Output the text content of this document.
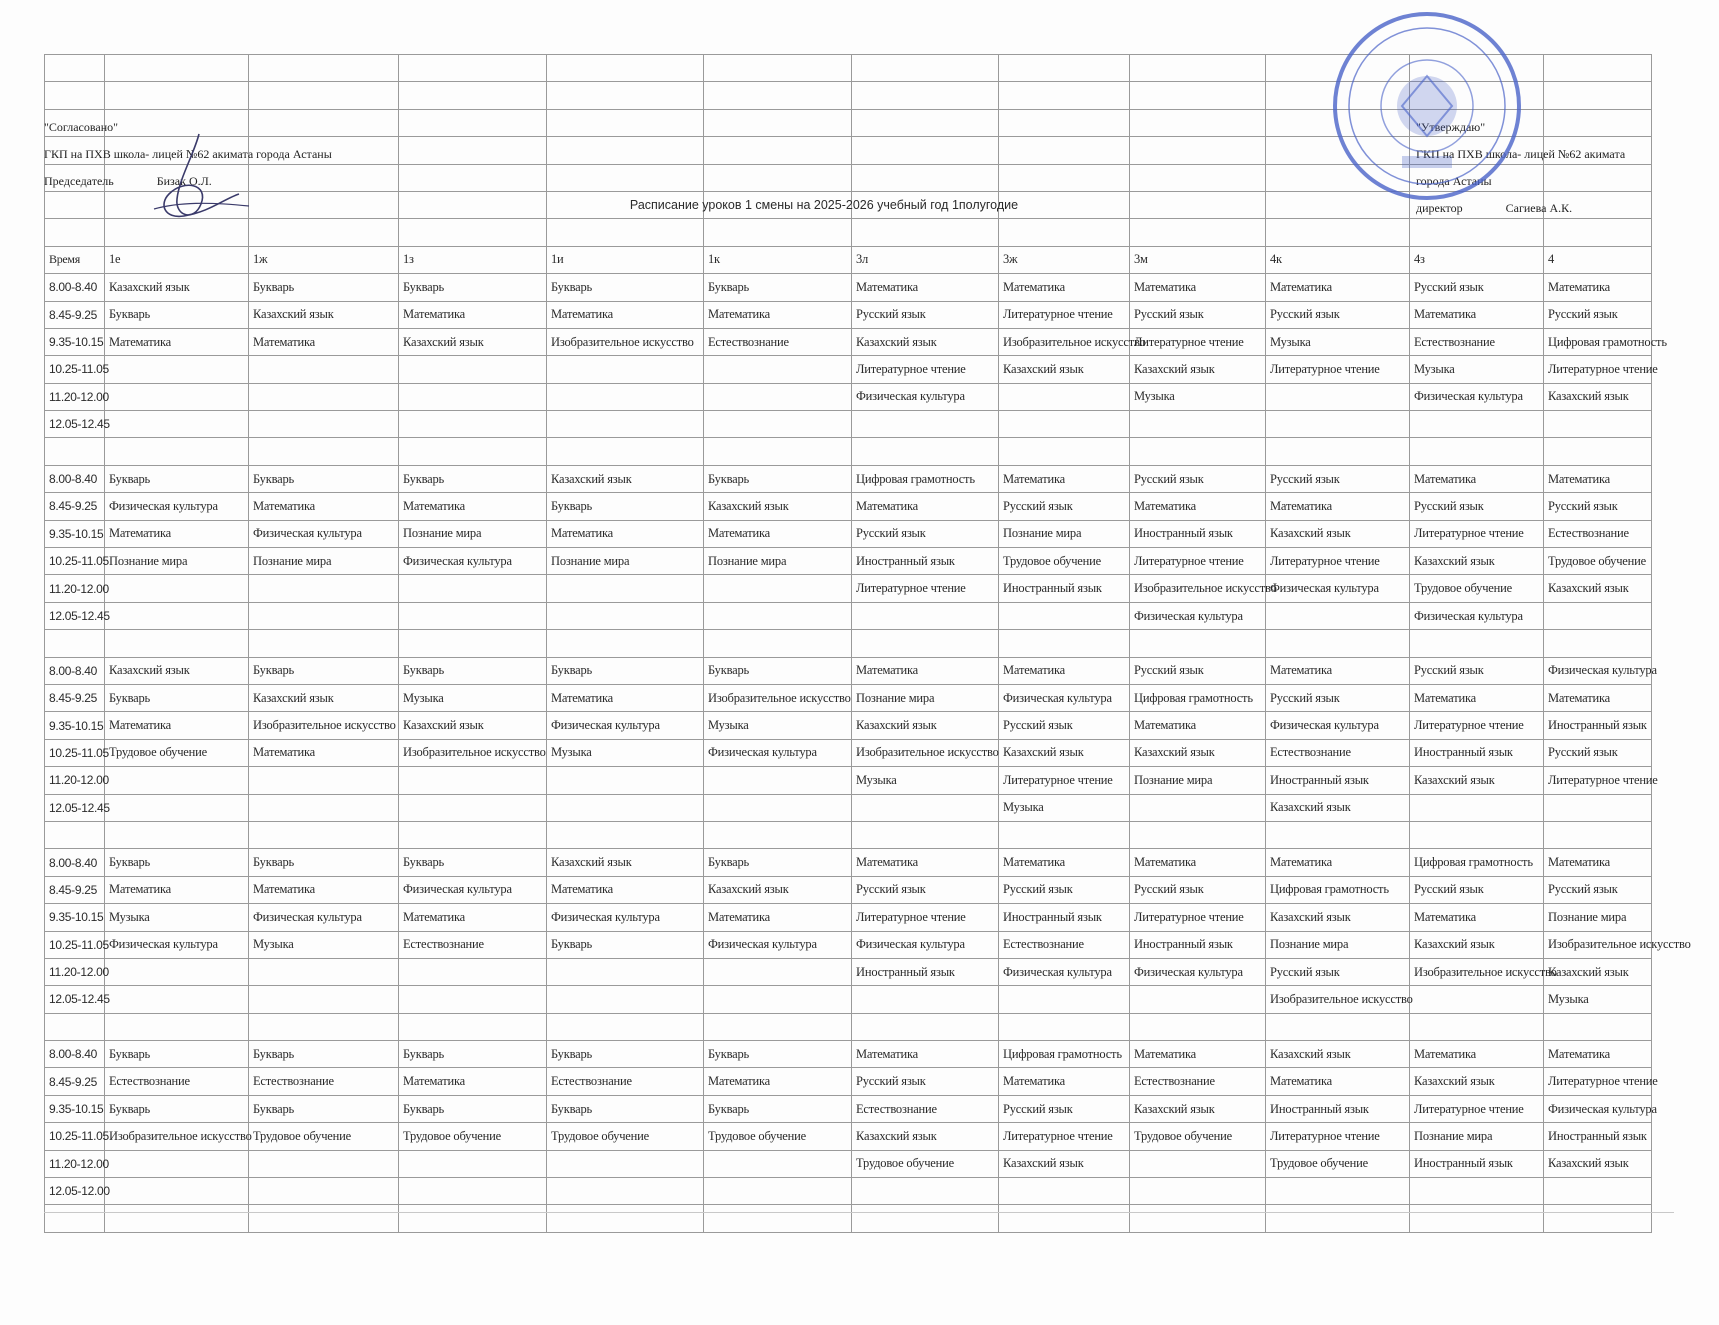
Время	1е	1ж	1з	1и	1к	3л	3ж	3м	4к	4з	4
8.00-8.40	Казахский язык	Букварь	Букварь	Букварь	Букварь	Математика	Математика	Математика	Математика	Русский язык	Математика
8.45-9.25	Букварь	Казахский язык	Математика	Математика	Математика	Русский язык	Литературное чтение	Русский язык	Русский язык	Математика	Русский язык
9.35-10.15	Математика	Математика	Казахский язык	Изобразительное искусство	Естествознание	Казахский язык	Изобразительное искусство	Литературное чтение	Музыка	Естествознание	Цифровая грамотность
10.25-11.05						Литературное чтение	Казахский язык	Казахский язык	Литературное чтение	Музыка	Литературное чтение
11.20-12.00						Физическая культура		Музыка		Физическая культура	Казахский язык
12.05-12.45											

8.00-8.40	Букварь	Букварь	Букварь	Казахский язык	Букварь	Цифровая грамотность	Математика	Русский язык	Русский язык	Математика	Математика
8.45-9.25	Физическая культура	Математика	Математика	Букварь	Казахский язык	Математика	Русский язык	Математика	Математика	Русский язык	Русский язык
9.35-10.15	Математика	Физическая культура	Познание мира	Математика	Математика	Русский язык	Познание мира	Иностранный язык	Казахский язык	Литературное чтение	Естествознание
10.25-11.05	Познание мира	Познание мира	Физическая культура	Познание мира	Познание мира	Иностранный язык	Трудовое обучение	Литературное чтение	Литературное чтение	Казахский язык	Трудовое обучение
11.20-12.00						Литературное чтение	Иностранный язык	Изобразительное искусство	Физическая культура	Трудовое обучение	Казахский язык
12.05-12.45								Физическая культура		Физическая культура	

8.00-8.40	Казахский язык	Букварь	Букварь	Букварь	Букварь	Математика	Математика	Русский язык	Математика	Русский язык	Физическая культура
8.45-9.25	Букварь	Казахский язык	Музыка	Математика	Изобразительное искусство	Познание мира	Физическая культура	Цифровая грамотность	Русский язык	Математика	Математика
9.35-10.15	Математика	Изобразительное искусство	Казахский язык	Физическая культура	Музыка	Казахский язык	Русский язык	Математика	Физическая культура	Литературное чтение	Иностранный язык
10.25-11.05	Трудовое обучение	Математика	Изобразительное искусство	Музыка	Физическая культура	Изобразительное искусство	Казахский язык	Казахский язык	Естествознание	Иностранный язык	Русский язык
11.20-12.00						Музыка	Литературное чтение	Познание мира	Иностранный язык	Казахский язык	Литературное чтение
12.05-12.45							Музыка		Казахский язык		

8.00-8.40	Букварь	Букварь	Букварь	Казахский язык	Букварь	Математика	Математика	Математика	Математика	Цифровая грамотность	Математика
8.45-9.25	Математика	Математика	Физическая культура	Математика	Казахский язык	Русский язык	Русский язык	Русский язык	Цифровая грамотность	Русский язык	Русский язык
9.35-10.15	Музыка	Физическая культура	Математика	Физическая культура	Математика	Литературное чтение	Иностранный язык	Литературное чтение	Казахский язык	Математика	Познание мира
10.25-11.05	Физическая культура	Музыка	Естествознание	Букварь	Физическая культура	Физическая культура	Естествознание	Иностранный язык	Познание мира	Казахский язык	Изобразительное искусство
11.20-12.00						Иностранный язык	Физическая культура	Физическая культура	Русский язык	Изобразительное искусство	Казахский язык
12.05-12.45									Изобразительное искусство		Музыка

8.00-8.40	Букварь	Букварь	Букварь	Букварь	Букварь	Математика	Цифровая грамотность	Математика	Казахский язык	Математика	Математика
8.45-9.25	Естествознание	Естествознание	Математика	Естествознание	Математика	Русский язык	Математика	Естествознание	Математика	Казахский язык	Литературное чтение
9.35-10.15	Букварь	Букварь	Букварь	Букварь	Букварь	Естествознание	Русский язык	Казахский язык	Иностранный язык	Литературное чтение	Физическая культура
10.25-11.05	Изобразительное искусство	Трудовое обучение	Трудовое обучение	Трудовое обучение	Трудовое обучение	Казахский язык	Литературное чтение	Трудовое обучение	Литературное чтение	Познание мира	Иностранный язык
11.20-12.00						Трудовое обучение	Казахский язык		Трудовое обучение	Иностранный язык	Казахский язык
12.05-12.00											

"Согласовано"
ГКП на ПХВ школа- лицей №62 акимата города Астаны
Председатель	Бизак О.Л.
Расписание уроков 1 смены на 2025-2026 учебный год 1полугодие
"Утверждаю"
ГКП на ПХВ школа- лицей №62 акимата города Астаны
директор	Сагиева А.К.
